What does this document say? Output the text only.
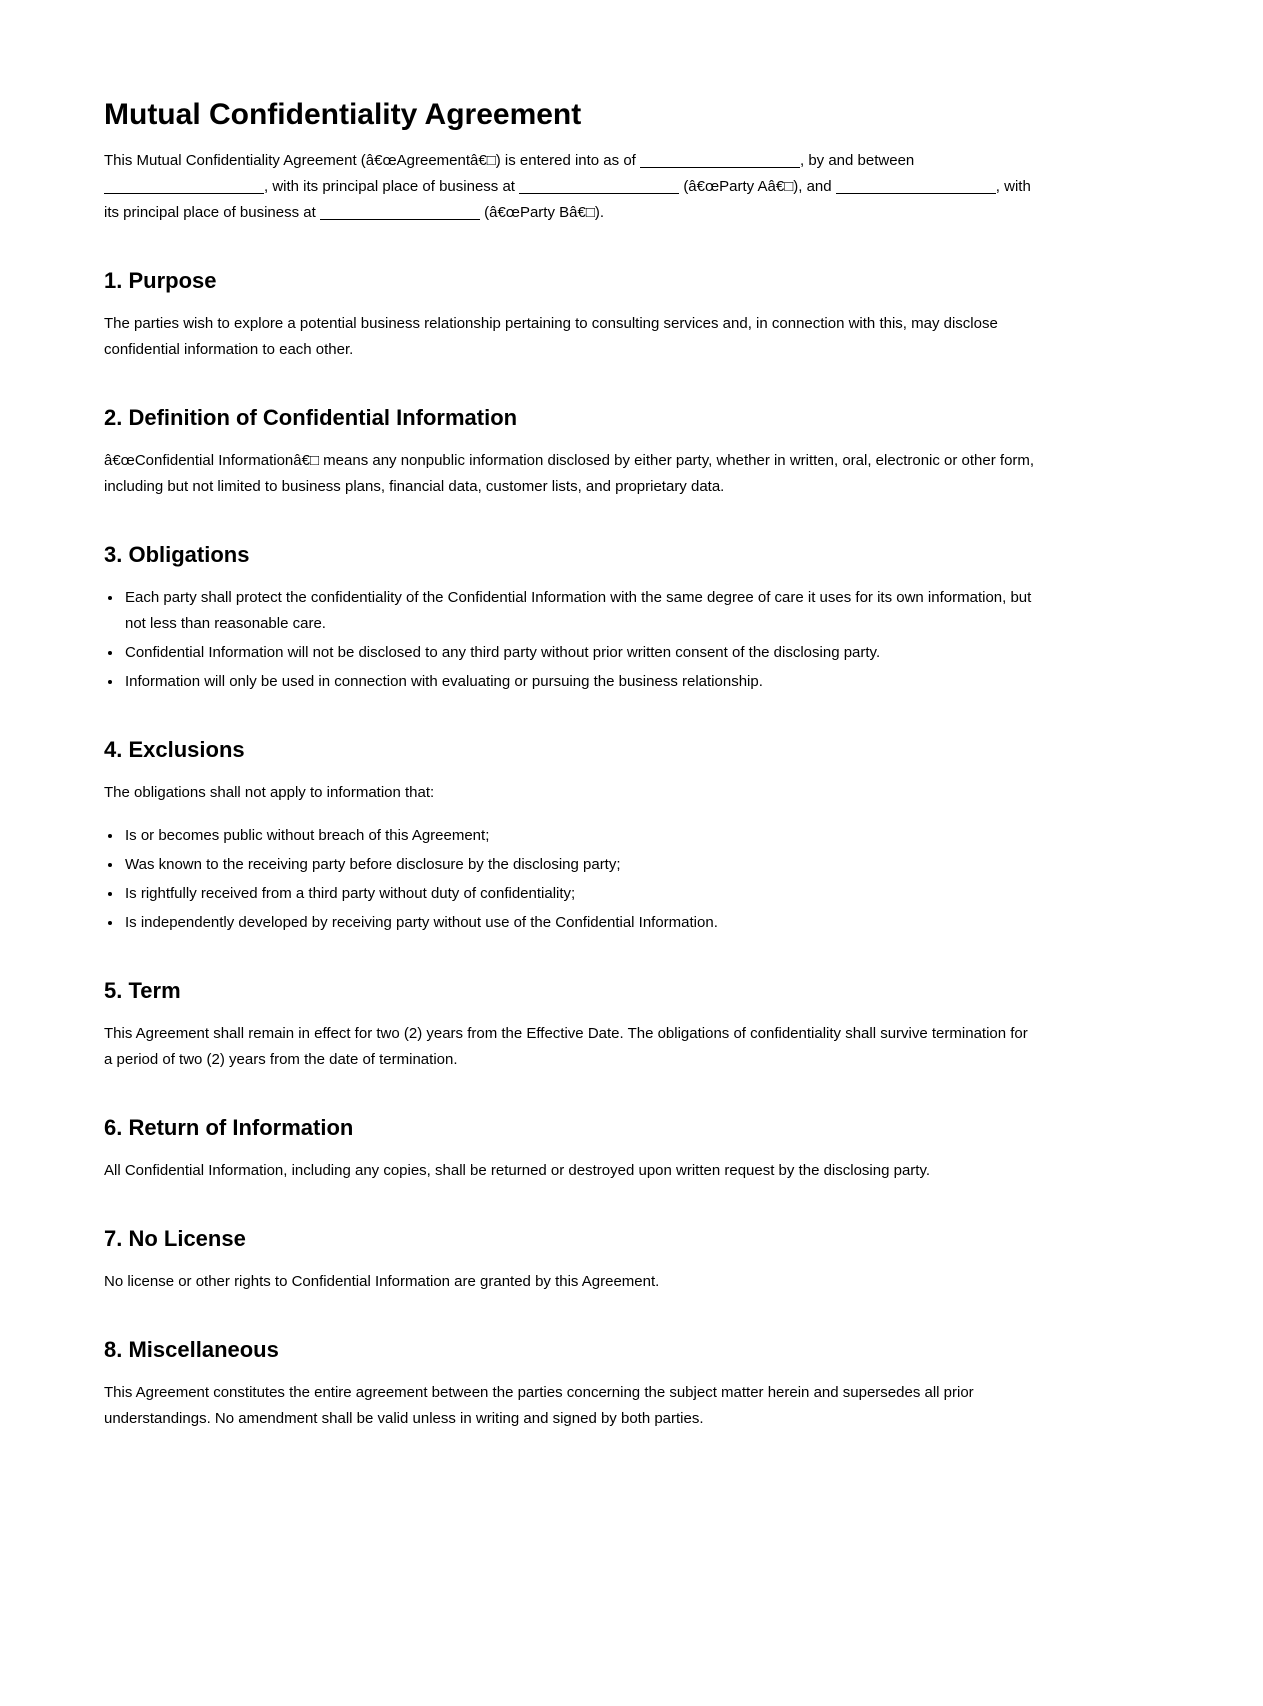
Mutual Confidentiality Agreement

This Mutual Confidentiality Agreement (â€œAgreementâ€□) is entered into as of	, by and between , with its principal place of business at	(â€œParty Aâ€□), and	, with its principal place of business at	(â€œParty Bâ€□).

1. Purpose

The parties wish to explore a potential business relationship pertaining to consulting services and, in connection with this, may disclose confidential information to each other.

2. Definition of Confidential Information

â€œConfidential Informationâ€□ means any nonpublic information disclosed by either party, whether in written, oral, electronic or other form, including but not limited to business plans, financial data, customer lists, and proprietary data.

3. Obligations
• Each party shall protect the confidentiality of the Confidential Information with the same degree of care it uses for its own information, but not less than reasonable care.
• Confidential Information will not be disclosed to any third party without prior written consent of the disclosing party.
• Information will only be used in connection with evaluating or pursuing the business relationship.
4. Exclusions

The obligations shall not apply to information that:

• Is or becomes public without breach of this Agreement;
• Was known to the receiving party before disclosure by the disclosing party;
• Is rightfully received from a third party without duty of confidentiality;
• Is independently developed by receiving party without use of the Confidential Information.
5. Term

This Agreement shall remain in effect for two (2) years from the Effective Date. The obligations of confidentiality shall survive termination for a period of two (2) years from the date of termination.

6. Return of Information

All Confidential Information, including any copies, shall be returned or destroyed upon written request by the disclosing party.

7. No License

No license or other rights to Confidential Information are granted by this Agreement.

8. Miscellaneous

This Agreement constitutes the entire agreement between the parties concerning the subject matter herein and supersedes all prior understandings. No amendment shall be valid unless in writing and signed by both parties.
